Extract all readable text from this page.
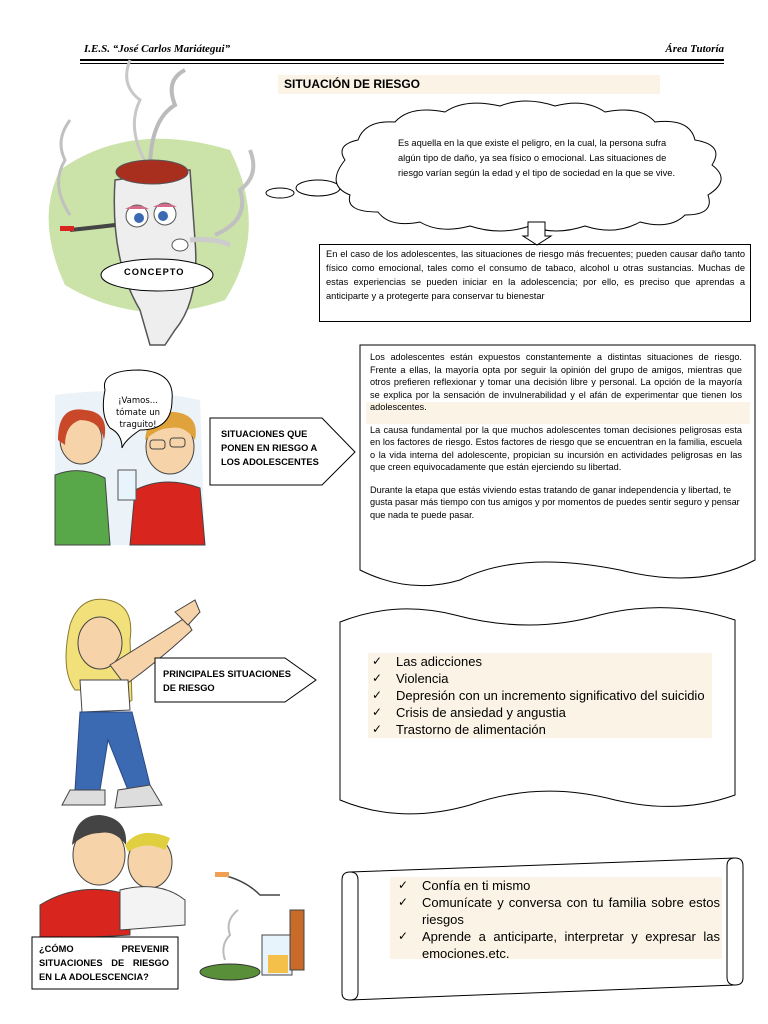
I.E.S. “José Carlos Mariátegui”	Área Tutoría
SITUACIÓN DE RIESGO
Es aquella en la que existe el peligro, en la cual, la persona sufra algún tipo de daño, ya sea físico o emocional. Las situaciones de riesgo varían según la edad y el tipo de sociedad en la que se vive.
En el caso de los adolescentes, las situaciones de riesgo más frecuentes; pueden causar daño tanto físico como emocional, tales como el consumo de tabaco, alcohol u otras sustancias. Muchas de estas experiencias se pueden iniciar en la adolescencia; por ello, es preciso que aprendas a anticiparte y a protegerte para conservar tu bienestar
CONCEPTO
¡Vamos... tómate un traguito!
SITUACIONES QUE PONEN EN RIESGO A LOS ADOLESCENTES

Los adolescentes están expuestos constantemente a distintas situaciones de riesgo. Frente a ellas, la mayoría opta por seguir la opinión del grupo de amigos, mientras que otros prefieren reflexionar y tomar una decisión libre y personal. La opción de la mayoría se explica por la sensación de invulnerabilidad y el afán de experimentar que tienen los adolescentes.

La causa fundamental por la que muchos adolescentes toman decisiones peligrosas esta en los factores de riesgo. Estos factores de riesgo que se encuentran en la familia, escuela o la vida interna del adolescente, propician su incursión en actividades peligrosas en las que creen equivocadamente que están ejerciendo su libertad.

Durante la etapa que estás viviendo estas tratando de ganar independencia y libertad, te gusta pasar más tiempo con tus amigos y por momentos de puedes sentir seguro y pensar que nada te puede pasar.

PRINCIPALES SITUACIONES DE RIESGO
✓	Las adicciones
✓	Violencia
✓	Depresión con un incremento significativo del suicidio
✓	Crisis de ansiedad y angustia
✓	Trastorno de alimentación
¿CÓMO PREVENIR SITUACIONES DE RIESGO EN LA ADOLESCENCIA?
✓	Confía en ti mismo
✓	Comunícate y conversa con tu familia sobre estos riesgos
✓	Aprende a anticiparte, interpretar y expresar las emociones.etc.
